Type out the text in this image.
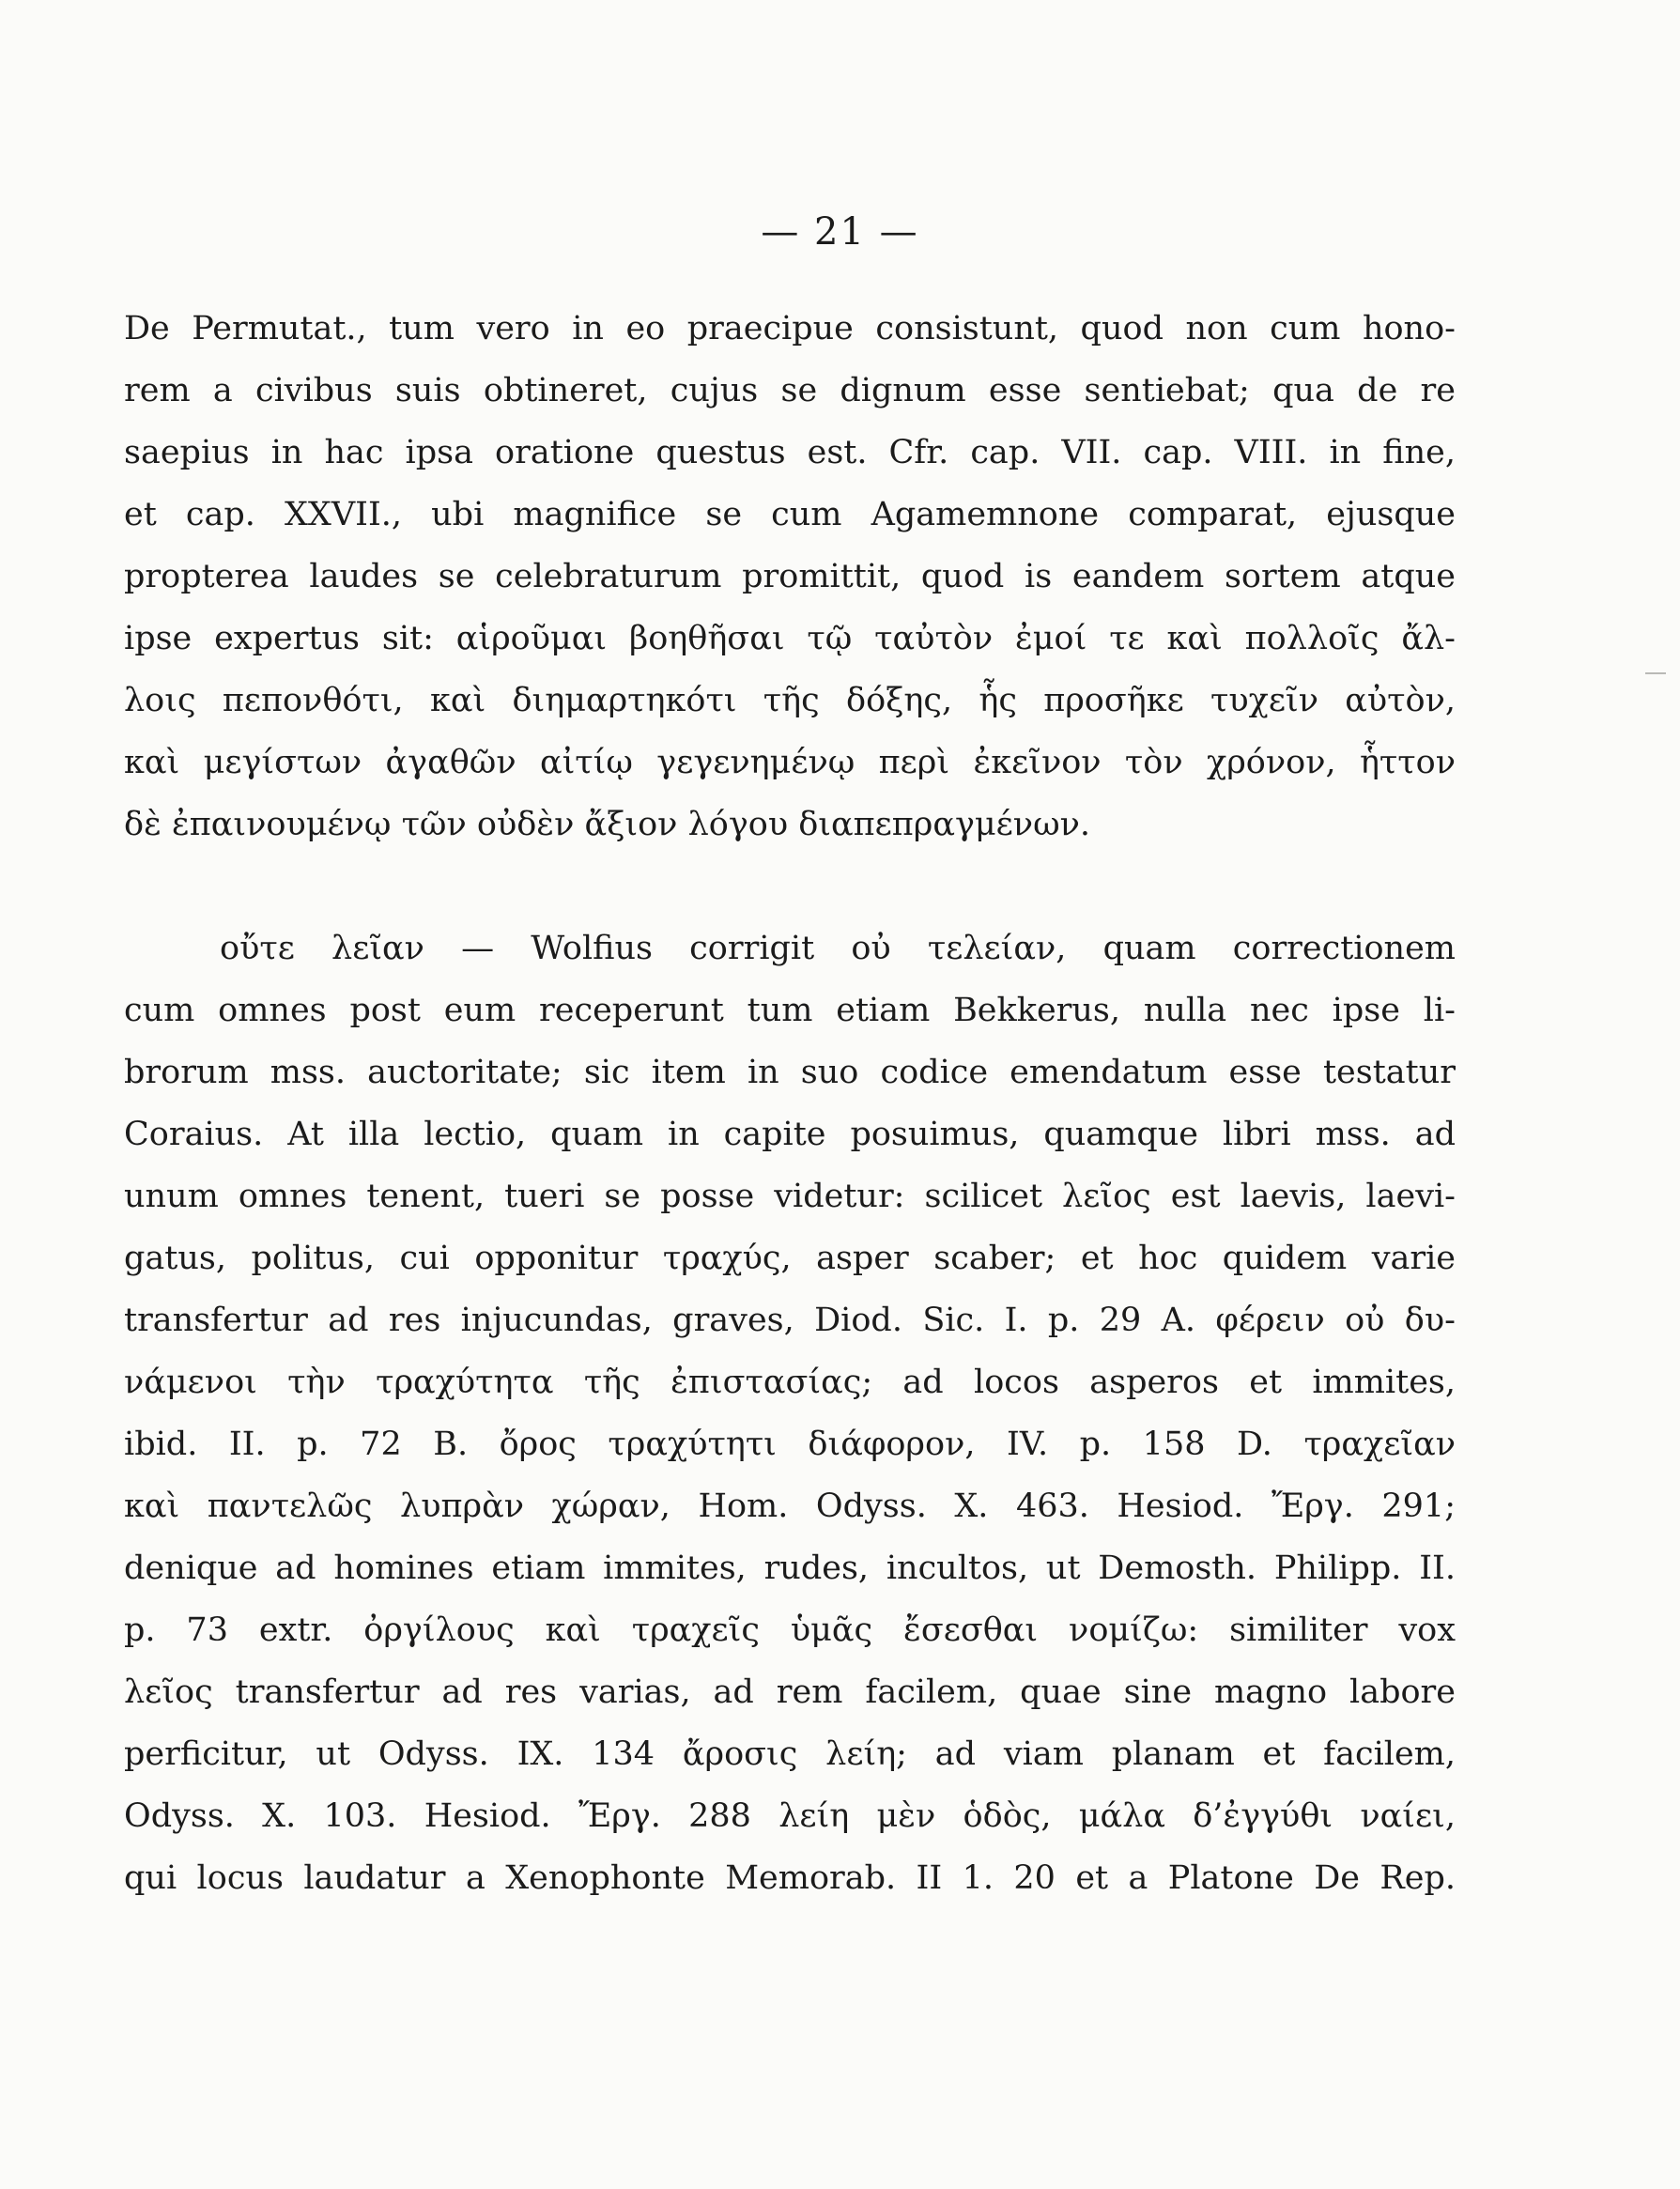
— 21 —
De Permutat., tum vero in eo praecipue consistunt, quod non cum hono-
rem a civibus suis obtineret, cujus se dignum esse sentiebat; qua de re
saepius in hac ipsa oratione questus est. Cfr. cap. VII. cap. VIII. in fine,
et cap. XXVII., ubi magnifice se cum Agamemnone comparat, ejusque
propterea laudes se celebraturum promittit, quod is eandem sortem atque
ipse expertus sit: αἱροῦμαι βοηθῆσαι τῷ ταὐτὸν ἐμοί τε καὶ πολλοῖς ἄλ-
λοις πεπονθότι, καὶ διημαρτηκότι τῆς δόξης, ἧς προσῆκε τυχεῖν αὐτὸν,
καὶ μεγίστων ἀγαθῶν αἰτίῳ γεγενημένῳ περὶ ἐκεῖνον τὸν χρόνον, ἧττον
δὲ ἐπαινουμένῳ τῶν οὐδὲν ἄξιον λόγου διαπεπραγμένων.
οὔτε λεῖαν — Wolfius corrigit οὐ τελείαν, quam correctionem
cum omnes post eum receperunt tum etiam Bekkerus, nulla nec ipse li-
brorum mss. auctoritate; sic item in suo codice emendatum esse testatur
Coraius. At illa lectio, quam in capite posuimus, quamque libri mss. ad
unum omnes tenent, tueri se posse videtur: scilicet λεῖος est laevis, laevi-
gatus, politus, cui opponitur τραχύς, asper scaber; et hoc quidem varie
transfertur ad res injucundas, graves, Diod. Sic. I. p. 29 A. φέρειν οὐ δυ-
νάμενοι τὴν τραχύτητα τῆς ἐπιστασίας; ad locos asperos et immites,
ibid. II. p. 72 B. ὄρος τραχύτητι διάφορον, IV. p. 158 D. τραχεῖαν
καὶ παντελῶς λυπρὰν χώραν, Hom. Odyss. X. 463. Hesiod. Ἔργ. 291;
denique ad homines etiam immites, rudes, incultos, ut Demosth. Philipp. II.
p. 73 extr. ὀργίλους καὶ τραχεῖς ὑμᾶς ἔσεσθαι νομίζω: similiter vox
λεῖος transfertur ad res varias, ad rem facilem, quae sine magno labore
perficitur, ut Odyss. IX. 134 ἄροσις λείη; ad viam planam et facilem,
Odyss. X. 103. Hesiod. Ἔργ. 288 λείη μὲν ὁδὸς, μάλα δ’ἐγγύθι ναίει,
qui locus laudatur a Xenophonte Memorab. II 1. 20 et a Platone De Rep.
